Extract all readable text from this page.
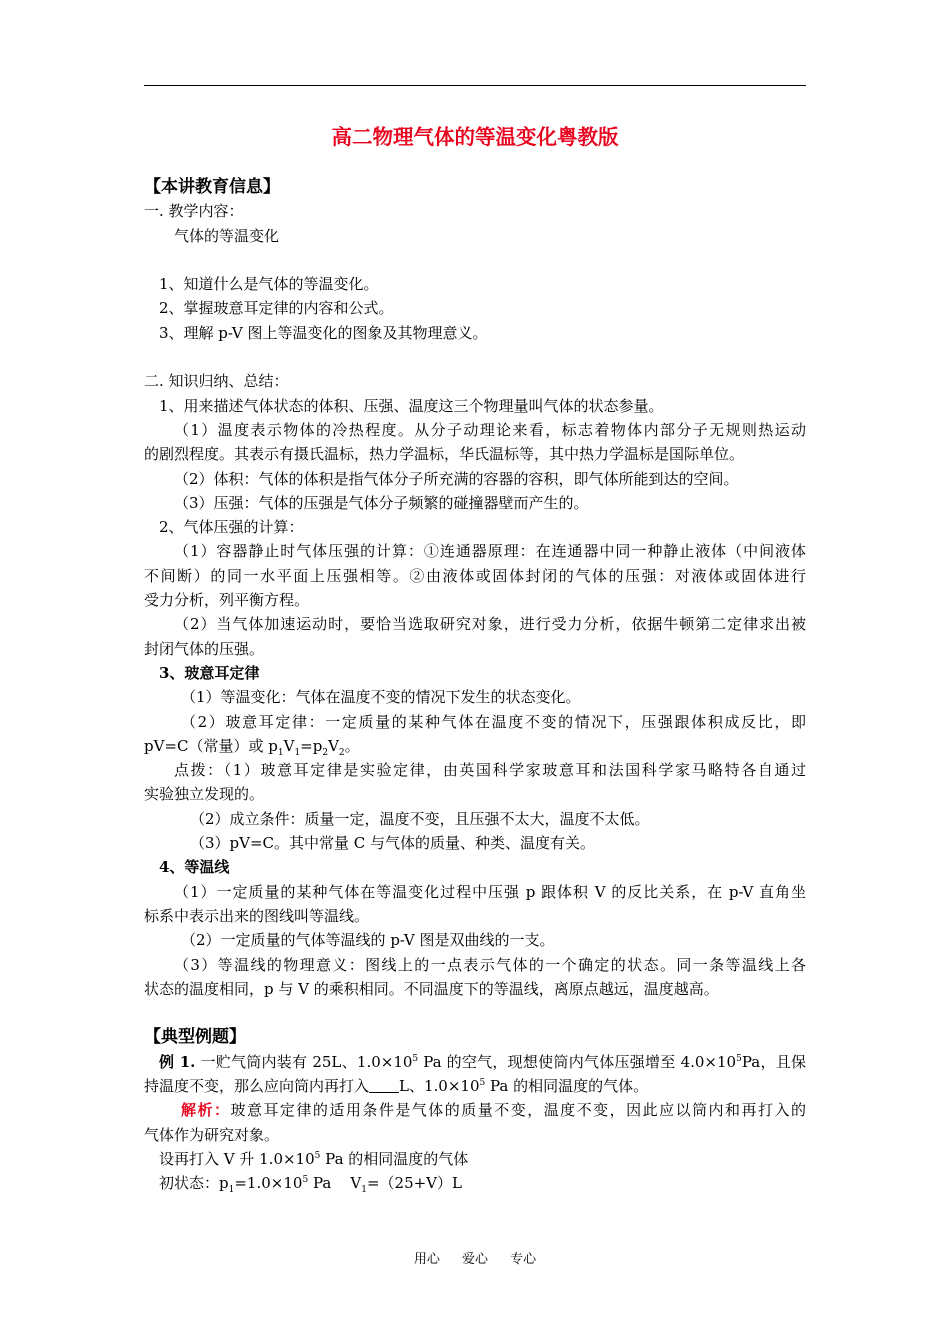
高二物理气体的等温变化粤教版
【本讲教育信息】
一. 教学内容：
气体的等温变化
1、知道什么是气体的等温变化。
2、掌握玻意耳定律的内容和公式。
3、理解 p-V 图上等温变化的图象及其物理意义。
二. 知识归纳、总结：
1、用来描述气体状态的体积、压强、温度这三个物理量叫气体的状态参量。
（1）温度表示物体的冷热程度。从分子动理论来看，标志着物体内部分子无规则热运动
的剧烈程度。其表示有摄氏温标，热力学温标，华氏温标等，其中热力学温标是国际单位。
（2）体积：气体的体积是指气体分子所充满的容器的容积，即气体所能到达的空间。
（3）压强：气体的压强是气体分子频繁的碰撞器壁而产生的。
2、气体压强的计算：
（1）容器静止时气体压强的计算：①连通器原理：在连通器中同一种静止液体（中间液体
不间断）的同一水平面上压强相等。②由液体或固体封闭的气体的压强：对液体或固体进行
受力分析，列平衡方程。
（2）当气体加速运动时，要恰当选取研究对象，进行受力分析，依据牛顿第二定律求出被
封闭气体的压强。
3、玻意耳定律
（1）等温变化：气体在温度不变的情况下发生的状态变化。
（2）玻意耳定律：一定质量的某种气体在温度不变的情况下，压强跟体积成反比，即
pV=C（常量）或 $p_1V_1=p_2V_2$。
点拨：（1）玻意耳定律是实验定律，由英国科学家玻意耳和法国科学家马略特各自通过
实验独立发现的。
（2）成立条件：质量一定，温度不变，且压强不太大，温度不太低。
（3）pV=C。其中常量 C 与气体的质量、种类、温度有关。
4、等温线
（1）一定质量的某种气体在等温变化过程中压强 p 跟体积 V 的反比关系，在 p-V 直角坐
标系中表示出来的图线叫等温线。
（2）一定质量的气体等温线的 p-V 图是双曲线的一支。
（3）等温线的物理意义：图线上的一点表示气体的一个确定的状态。同一条等温线上各
状态的温度相同，p 与 V 的乘积相同。不同温度下的等温线，离原点越远，温度越高。
【典型例题】
例 1. 一贮气筒内装有 25L、$1.0\times 10^5$ Pa 的空气，现想使筒内气体压强增至 $4.0\times 10^5Pa$，且保
持温度不变，那么应向筒内再打入 L、$1.0\times 10^5$ Pa 的相同温度的气体。
解析：玻意耳定律的适用条件是气体的质量不变，温度不变，因此应以筒内和再打入的
气体作为研究对象。
设再打入 V 升 $1.0\times 10^5$ Pa 的相同温度的气体
初状态：$p_1=1.0\times 10^5$ Pa    $V_1=(25+V)L$
用心 爱心 专心
